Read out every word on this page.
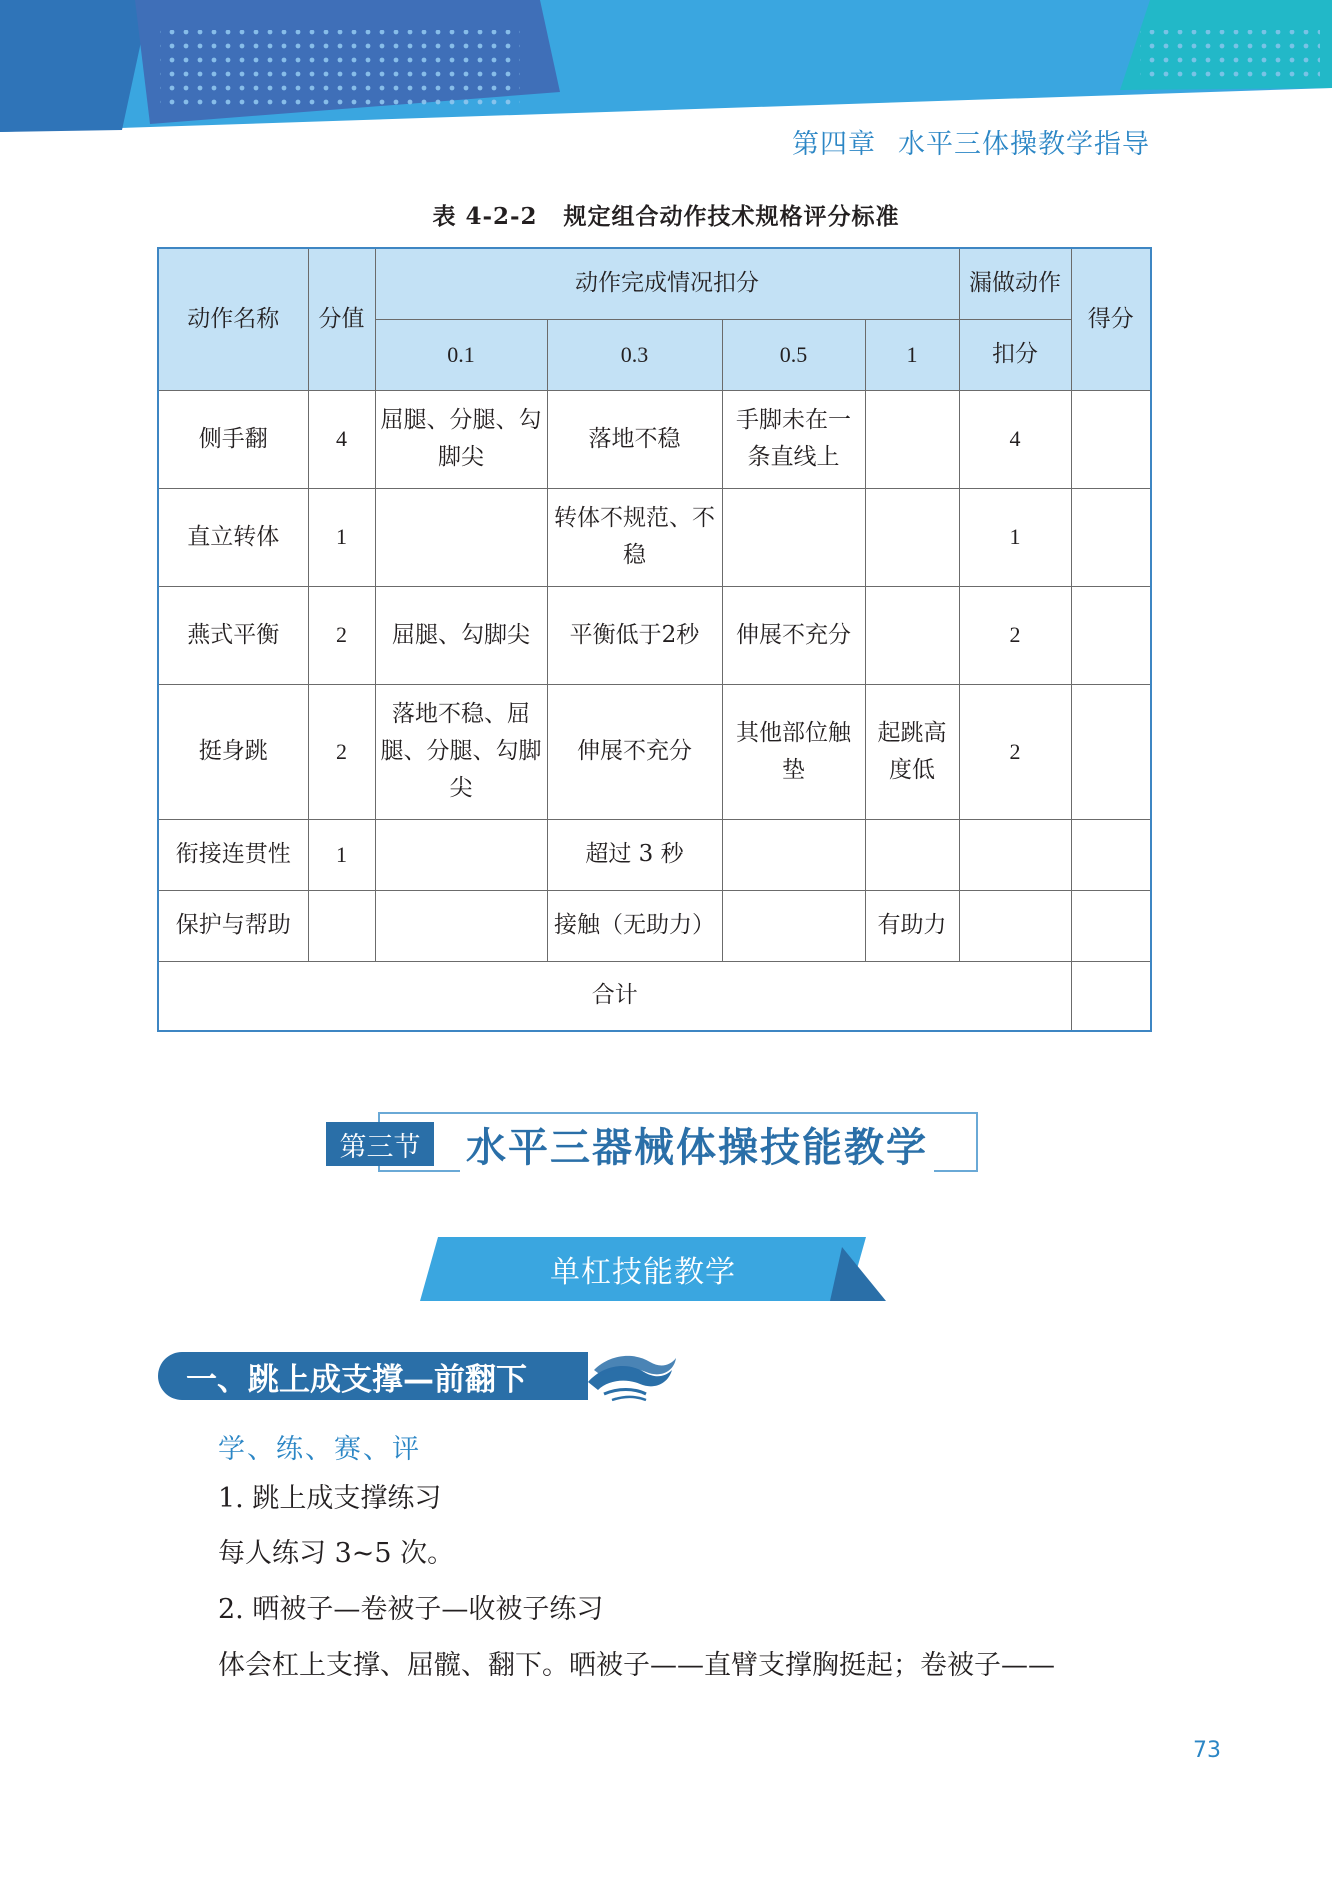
第四章 水平三体操教学指导
表 4-2-2 规定组合动作技术规格评分标准
动作名称	分值	动作完成情况扣分				漏做动作	得分
		0.1	0.3	0.5	1	扣分	
侧手翻	4	屈腿、分腿、勾脚尖	落地不稳	手脚未在一条直线上		4	
直立转体	1		转体不规范、不稳			1	
燕式平衡	2	屈腿、勾脚尖	平衡低于2秒	伸展不充分		2	
挺身跳	2	落地不稳、屈腿、分腿、勾脚尖	伸展不充分	其他部位触垫	起跳高度低	2	
衔接连贯性	1		超过 3 秒				
保护与帮助			接触（无助力）		有助力		
合计							
第三节	水平三器械体操技能教学
单杠技能教学
一、跳上成支撑—前翻下
学、练、赛、评
1. 跳上成支撑练习
每人练习 3~5 次。
2. 晒被子—卷被子—收被子练习
体会杠上支撑、屈髋、翻下。晒被子——直臂支撑胸挺起；卷被子——
73
